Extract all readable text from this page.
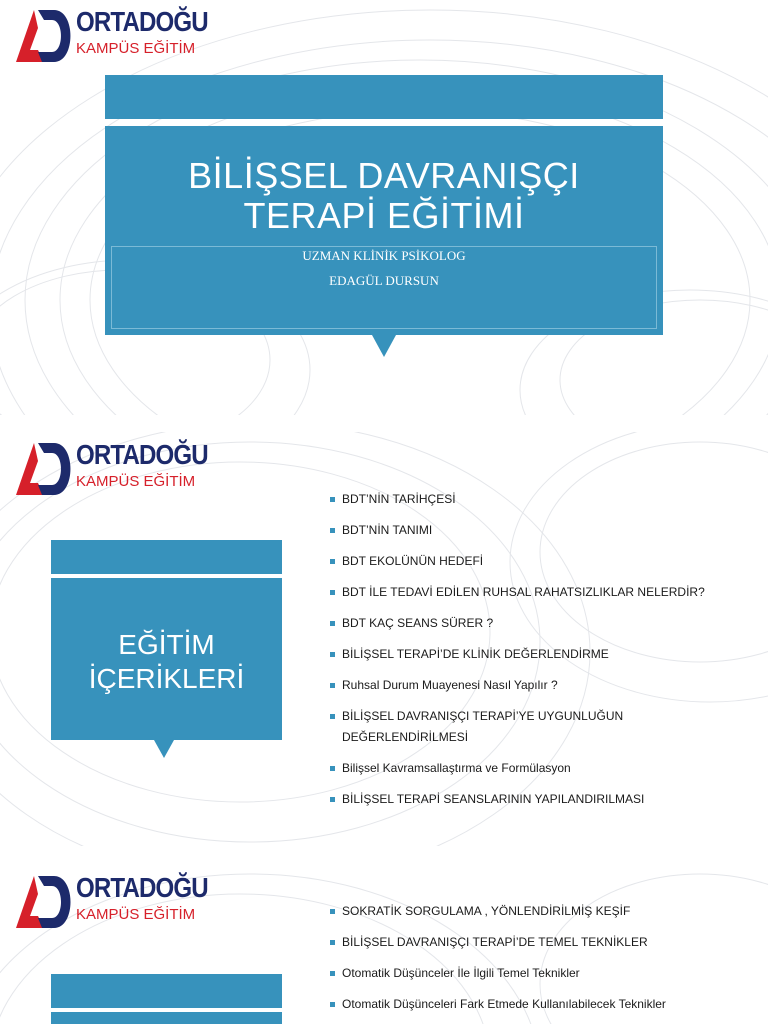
ORTADOĞU
KAMPÜS EĞİTİM
BİLİŞSEL DAVRANIŞÇI
TERAPİ EĞİTİMİ
UZMAN KLİNİK PSİKOLOG
EDAGÜL DURSUN
ORTADOĞU
KAMPÜS EĞİTİM
EĞİTİM
İÇERİKLERİ
BDT’NİN TARİHÇESİ
BDT’NİN TANIMI
BDT EKOLÜNÜN HEDEFİ
BDT İLE TEDAVİ EDİLEN RUHSAL RAHATSIZLIKLAR NELERDİR?
BDT KAÇ SEANS SÜRER ?
BİLİŞSEL TERAPİ’DE KLİNİK DEĞERLENDİRME
Ruhsal Durum Muayenesi Nasıl Yapılır ?
BİLİŞSEL DAVRANIŞÇI TERAPİ’YE UYGUNLUĞUN
DEĞERLENDİRİLMESİ
Bilişsel Kavramsallaştırma ve Formülasyon
BİLİŞSEL TERAPİ SEANSLARININ YAPILANDIRILMASI
ORTADOĞU
KAMPÜS EĞİTİM	SOKRATİK SORGULAMA , YÖNLENDİRİLMİŞ KEŞİF
BİLİŞSEL DAVRANIŞÇI TERAPİ’DE TEMEL TEKNİKLER
Otomatik Düşünceler İle İlgili Temel Teknikler
Otomatik Düşünceleri Fark Etmede Kullanılabilecek Teknikler
